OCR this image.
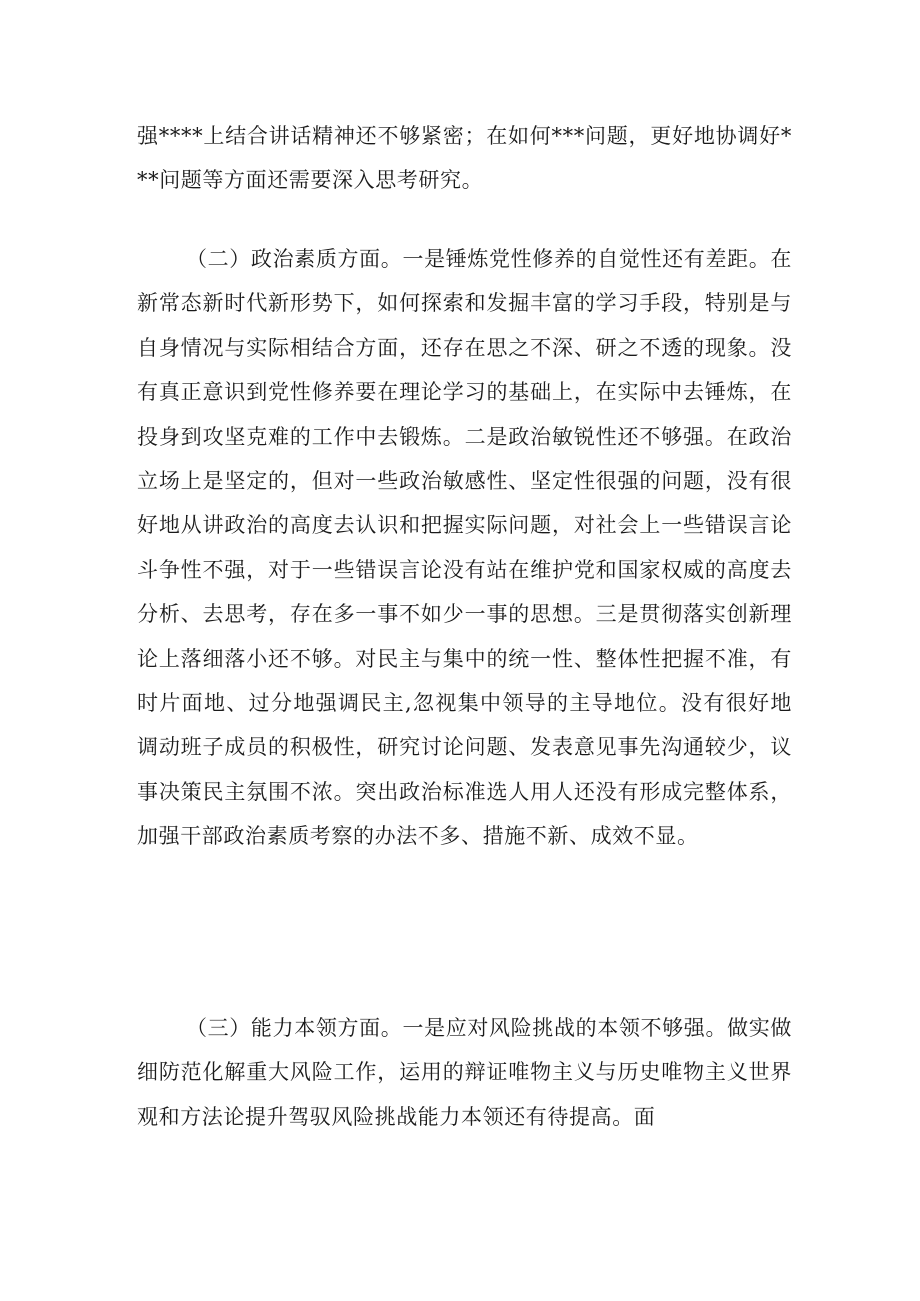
强****上结合讲话精神还不够紧密；在如何***问题，更好地协调好***问题等方面还需要深入思考研究。

（二）政治素质方面。一是锤炼党性修养的自觉性还有差距。在新常态新时代新形势下，如何探索和发掘丰富的学习手段，特别是与自身情况与实际相结合方面，还存在思之不深、研之不透的现象。没有真正意识到党性修养要在理论学习的基础上，在实际中去锤炼，在投身到攻坚克难的工作中去锻炼。二是政治敏锐性还不够强。在政治立场上是坚定的，但对一些政治敏感性、坚定性很强的问题，没有很好地从讲政治的高度去认识和把握实际问题，对社会上一些错误言论斗争性不强，对于一些错误言论没有站在维护党和国家权威的高度去分析、去思考，存在多一事不如少一事的思想。三是贯彻落实创新理论上落细落小还不够。对民主与集中的统一性、整体性把握不准，有时片面地、过分地强调民主,忽视集中领导的主导地位。没有很好地调动班子成员的积极性，研究讨论问题、发表意见事先沟通较少，议事决策民主氛围不浓。突出政治标准选人用人还没有形成完整体系，加强干部政治素质考察的办法不多、措施不新、成效不显。

（三）能力本领方面。一是应对风险挑战的本领不够强。做实做细防范化解重大风险工作，运用的辩证唯物主义与历史唯物主义世界观和方法论提升驾驭风险挑战能力本领还有待提高。面
